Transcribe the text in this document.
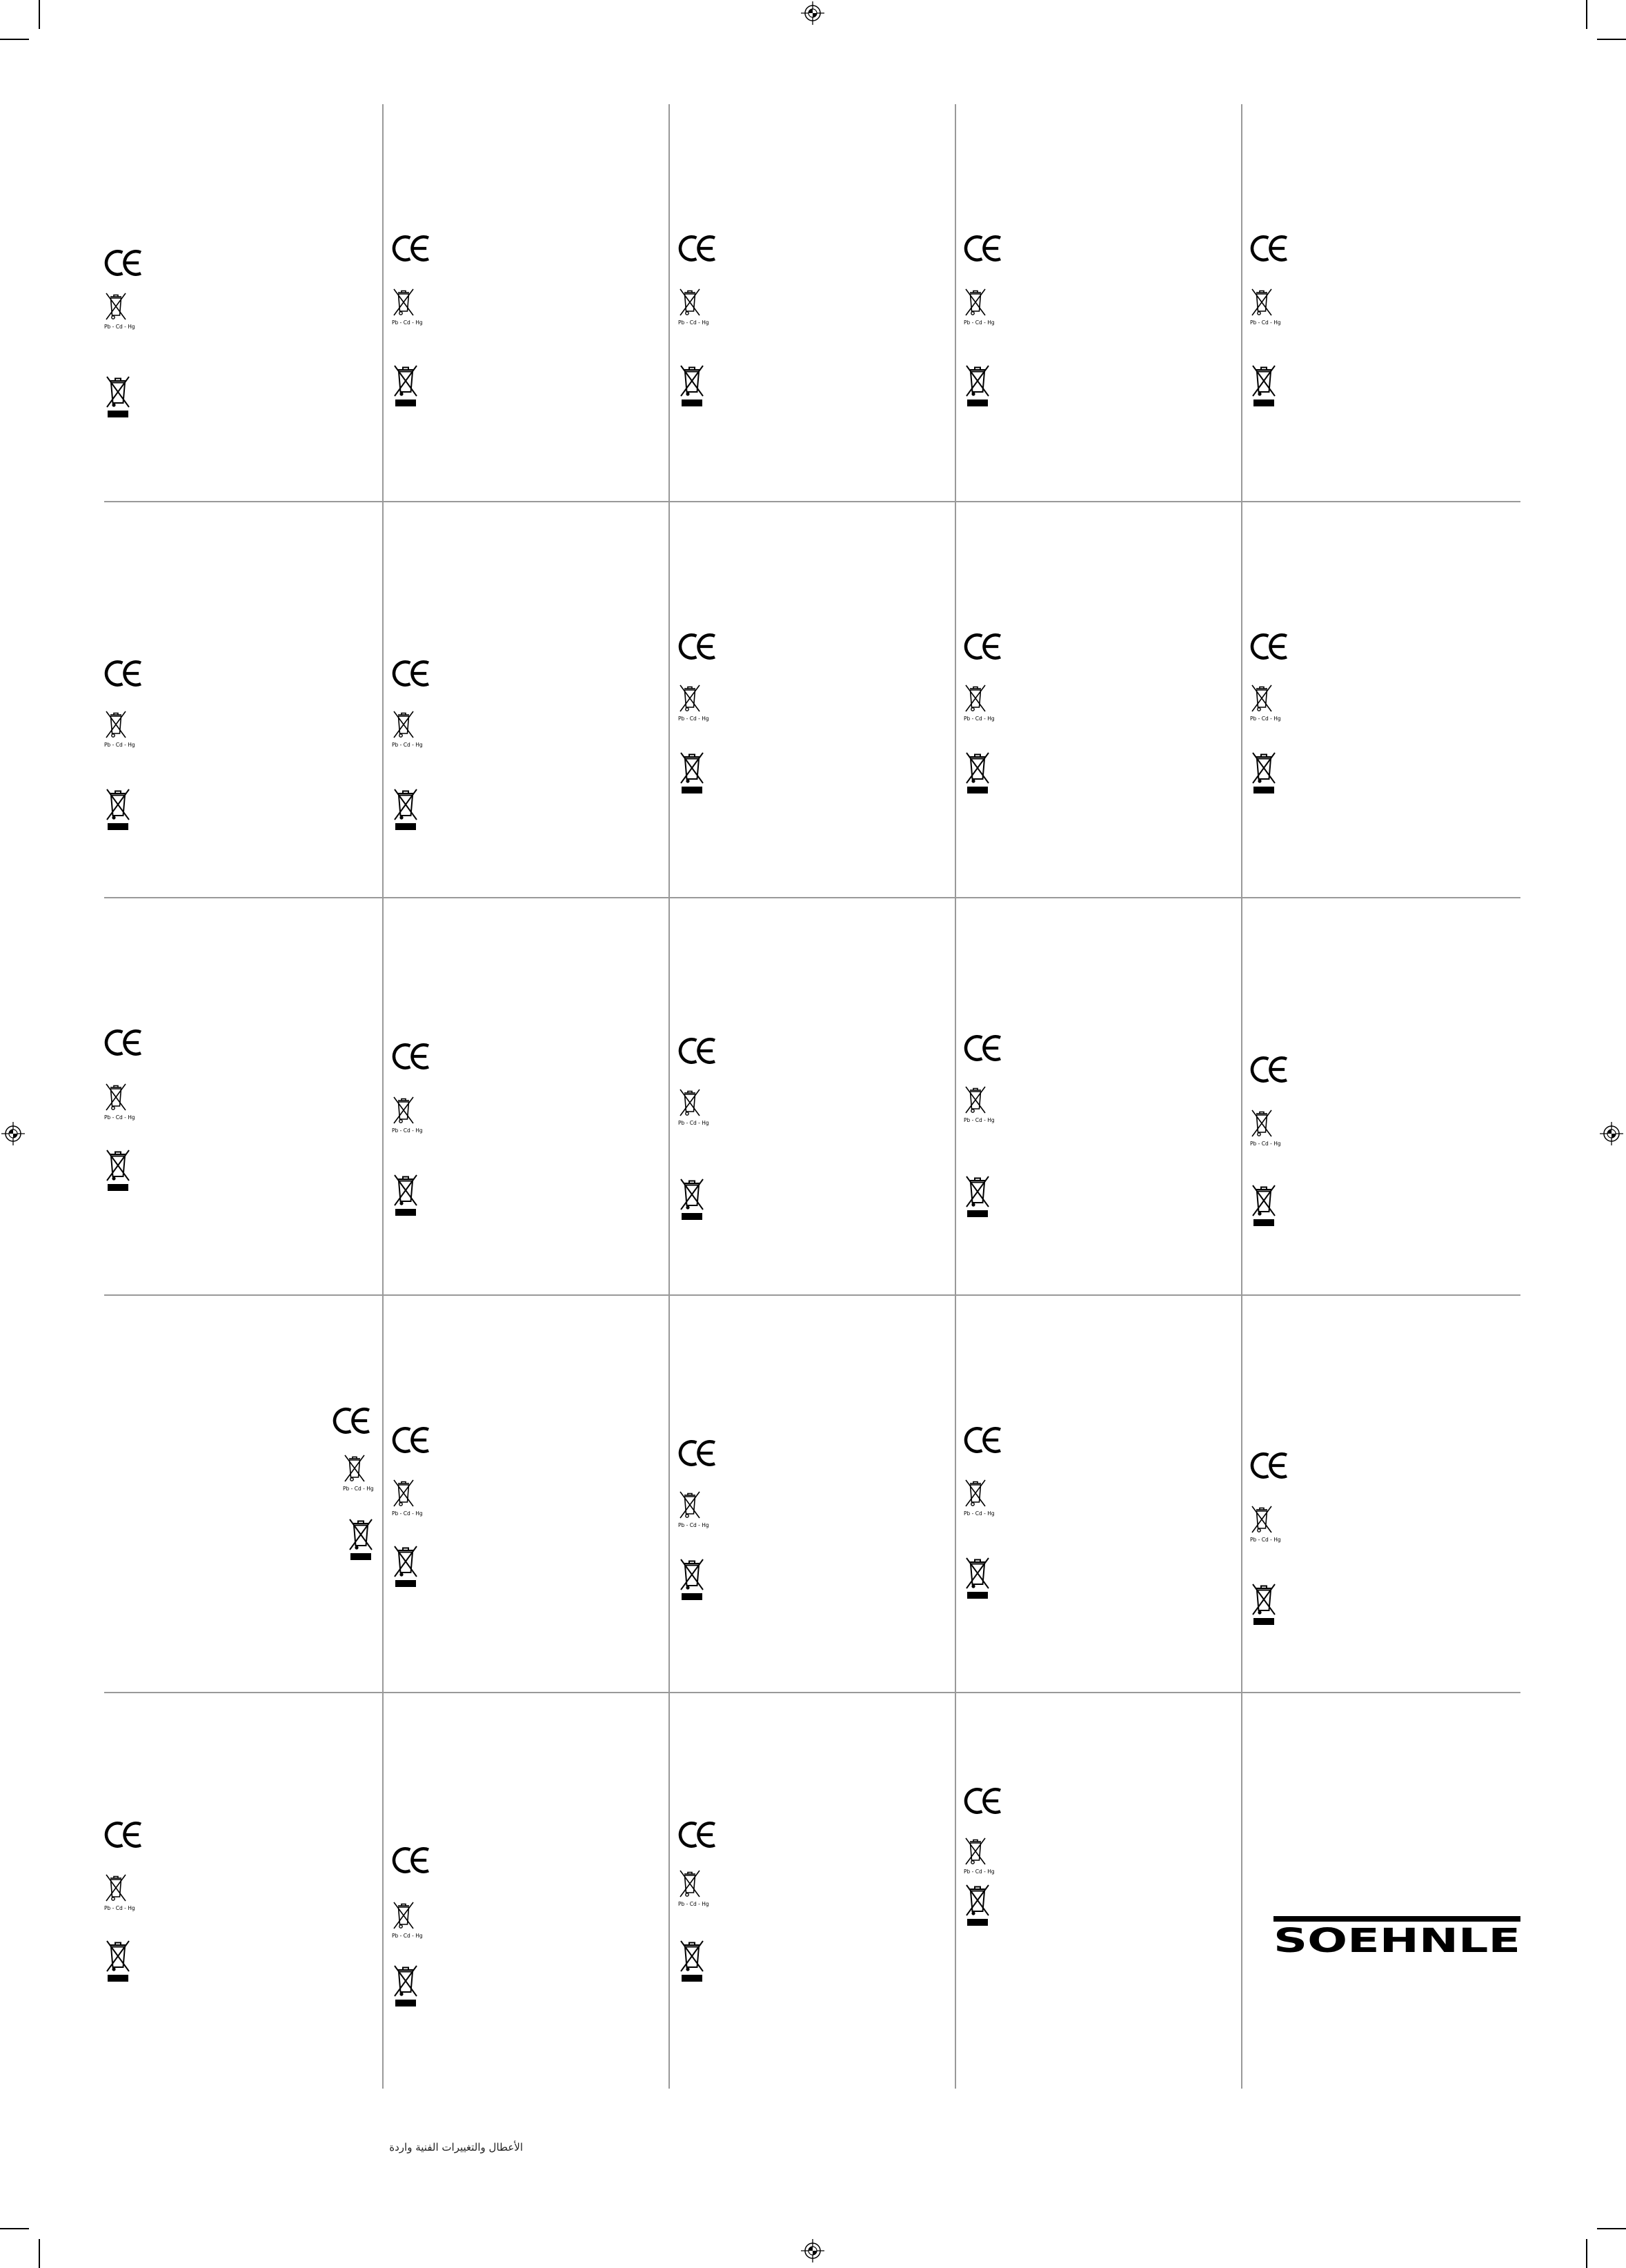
Pb - Cd - Hg
Pb - Cd - Hg	Pb - Cd - Hg	Pb - Cd - Hg	Pb - Cd - Hg
Pb - Cd - Hg	Pb - Cd - Hg
Pb - Cd - Hg	Pb - Cd - Hg	Pb - Cd - Hg
Pb - Cd - Hg
Pb - Cd - Hg
Pb - Cd - Hg	Pb - Cd - Hg
Pb - Cd - Hg
Pb - Cd - Hg
Pb - Cd - Hg
Pb - Cd - Hg
Pb - Cd - Hg
Pb - Cd - Hg
Pb - Cd - Hg
Pb - Cd - Hg
Pb - Cd - Hg
Pb - Cd - Hg
SOEHNLE
الأعطال والتغييرات الفنية واردة
